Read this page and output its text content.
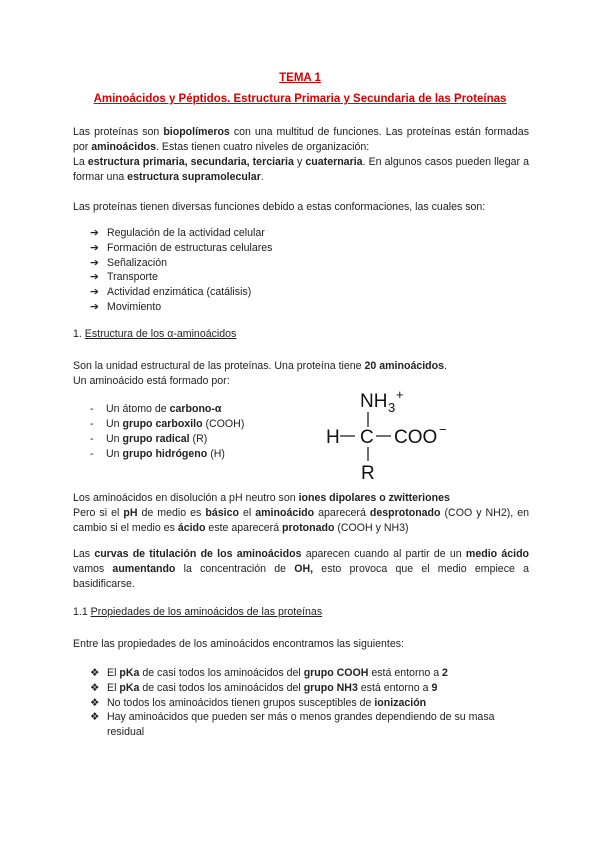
TEMA 1
Aminoácidos y Péptidos. Estructura Primaria y Secundaria de las Proteínas
Las proteínas son biopolímeros con una multitud de funciones. Las proteínas están formadas por aminoácidos. Estas tienen cuatro niveles de organización:
La estructura primaria, secundaria, terciaria y cuaternaria. En algunos casos pueden llegar a formar una estructura supramolecular.
Las proteínas tienen diversas funciones debido a estas conformaciones, las cuales son:
➔ Regulación de la actividad celular
➔ Formación de estructuras celulares
➔ Señalización
➔ Transporte
➔ Actividad enzimática (catálisis)
➔ Movimiento
1. Estructura de los α-aminoácidos
Son la unidad estructural de las proteínas. Una proteína tiene 20 aminoácidos.
Un aminoácido está formado por:
-	Un átomo de carbono-α
-	Un grupo carboxilo (COOH)
-	Un grupo radical (R)
-	Un grupo hidrógeno (H)
NH 3
+
H C COO −
R
Los aminoácidos en disolución a pH neutro son iones dipolares o zwitteriones
Pero si el pH de medio es básico el aminoácido aparecerá desprotonado (COO y NH2), en cambio si el medio es ácido este aparecerá protonado (COOH y NH3)
Las curvas de titulación de los aminoácidos aparecen cuando al partir de un medio ácido vamos aumentando la concentración de OH, esto provoca que el medio empiece a basidificarse.
1.1 Propiedades de los aminoácidos de las proteínas
Entre las propiedades de los aminoácidos encontramos las siguientes:
❖ El pKa de casi todos los aminoácidos del grupo COOH está entorno a 2
❖ El pKa de casi todos los aminoácidos del grupo NH3 está entorno a 9
❖ No todos los aminoácidos tienen grupos susceptibles de ionización
❖ Hay aminoácidos que pueden ser más o menos grandes dependiendo de su masa residual
